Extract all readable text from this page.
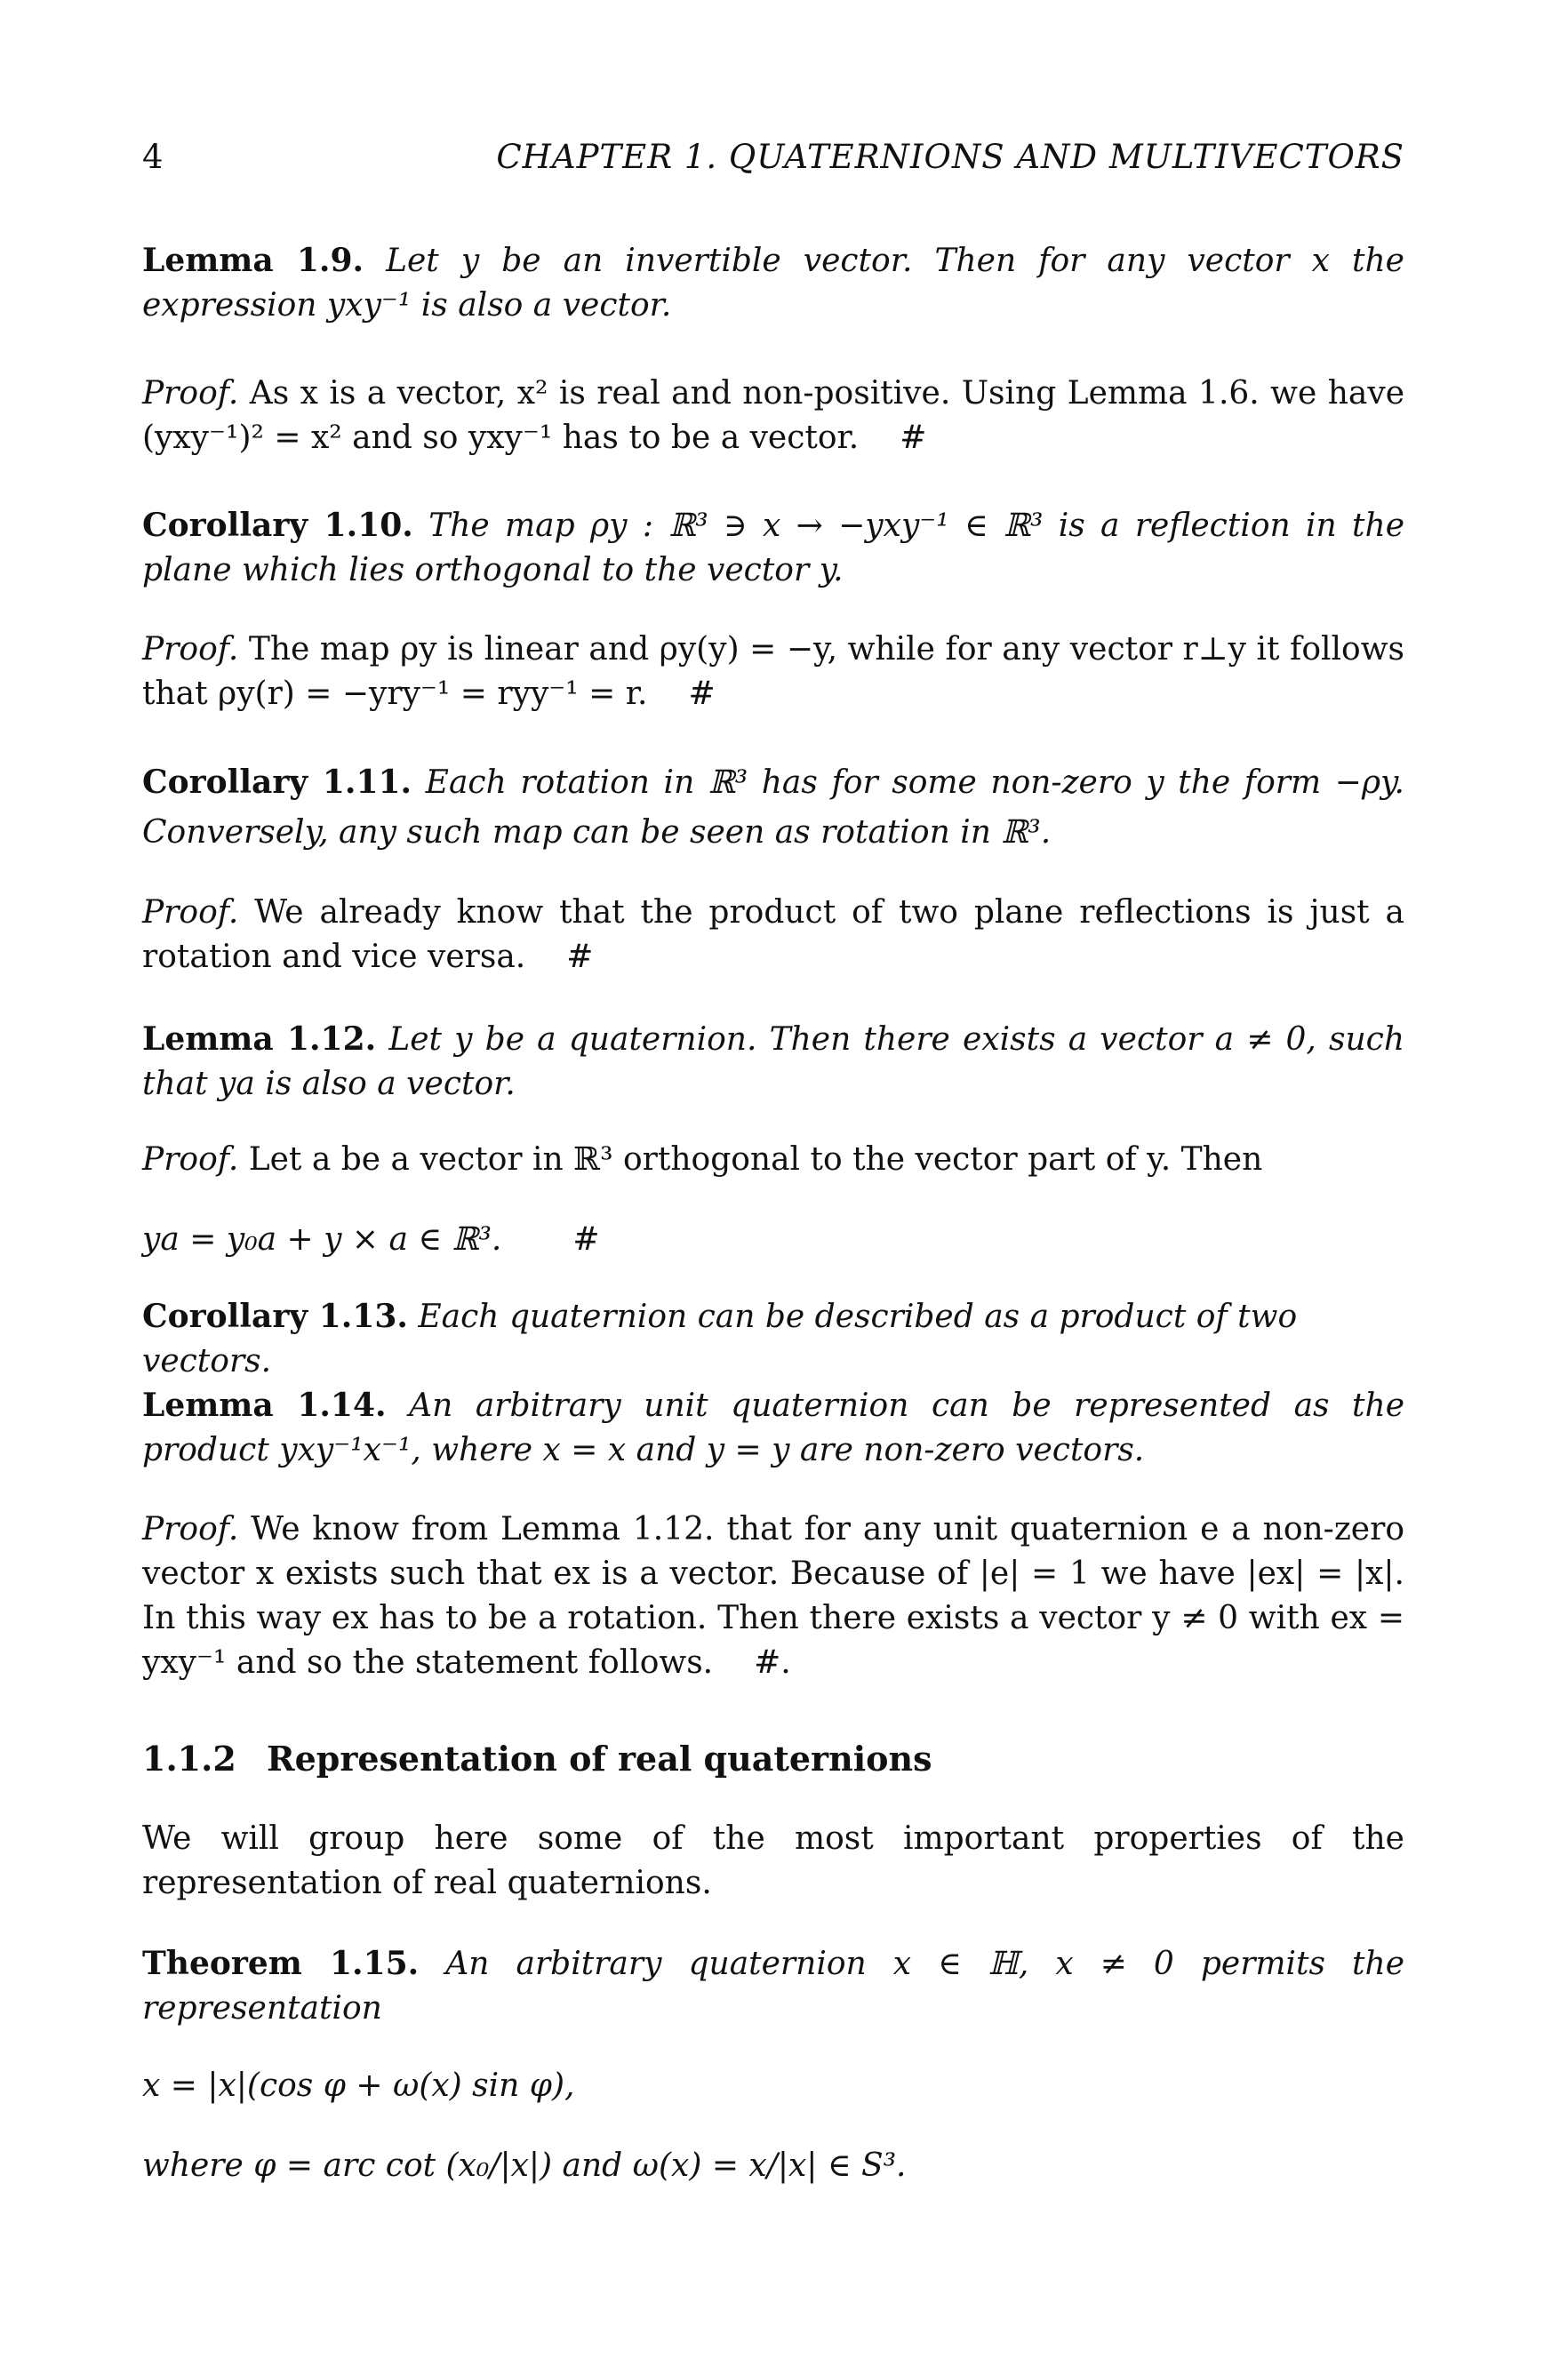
4	CHAPTER 1. QUATERNIONS AND MULTIVECTORS
Lemma 1.9. Let y be an invertible vector. Then for any vector x the expression yxy⁻¹ is also a vector.
Proof. As x is a vector, x² is real and non-positive. Using Lemma 1.6. we have (yxy⁻¹)² = x² and so yxy⁻¹ has to be a vector. #
Corollary 1.10. The map ρy : ℝ³ ∋ x → −yxy⁻¹ ∈ ℝ³ is a reflection in the plane which lies orthogonal to the vector y.
Proof. The map ρy is linear and ρy(y) = −y, while for any vector r⊥y it follows that ρy(r) = −yry⁻¹ = ryy⁻¹ = r. #
Corollary 1.11. Each rotation in ℝ³ has for some non-zero y the form −ρy. Conversely, any such map can be seen as rotation in ℝ³.
Proof. We already know that the product of two plane reflections is just a rotation and vice versa. #
Lemma 1.12. Let y be a quaternion. Then there exists a vector a ≠ 0, such that ya is also a vector.
Proof. Let a be a vector in ℝ³ orthogonal to the vector part of y. Then
ya = y₀a + y × a ∈ ℝ³. #
Corollary 1.13. Each quaternion can be described as a product of two vectors.
Lemma 1.14. An arbitrary unit quaternion can be represented as the product yxy⁻¹x⁻¹, where x = x and y = y are non-zero vectors.
Proof. We know from Lemma 1.12. that for any unit quaternion e a non-zero vector x exists such that ex is a vector. Because of |e| = 1 we have |ex| = |x|. In this way ex has to be a rotation. Then there exists a vector y ≠ 0 with ex = yxy⁻¹ and so the statement follows. #.
1.1.2 Representation of real quaternions
We will group here some of the most important properties of the representation of real quaternions.
Theorem 1.15. An arbitrary quaternion x ∈ ℍ, x ≠ 0 permits the representation
x = |x|(cos φ + ω(x) sin φ),
where φ = arc cot (x₀/|x|) and ω(x) = x/|x| ∈ S³.
